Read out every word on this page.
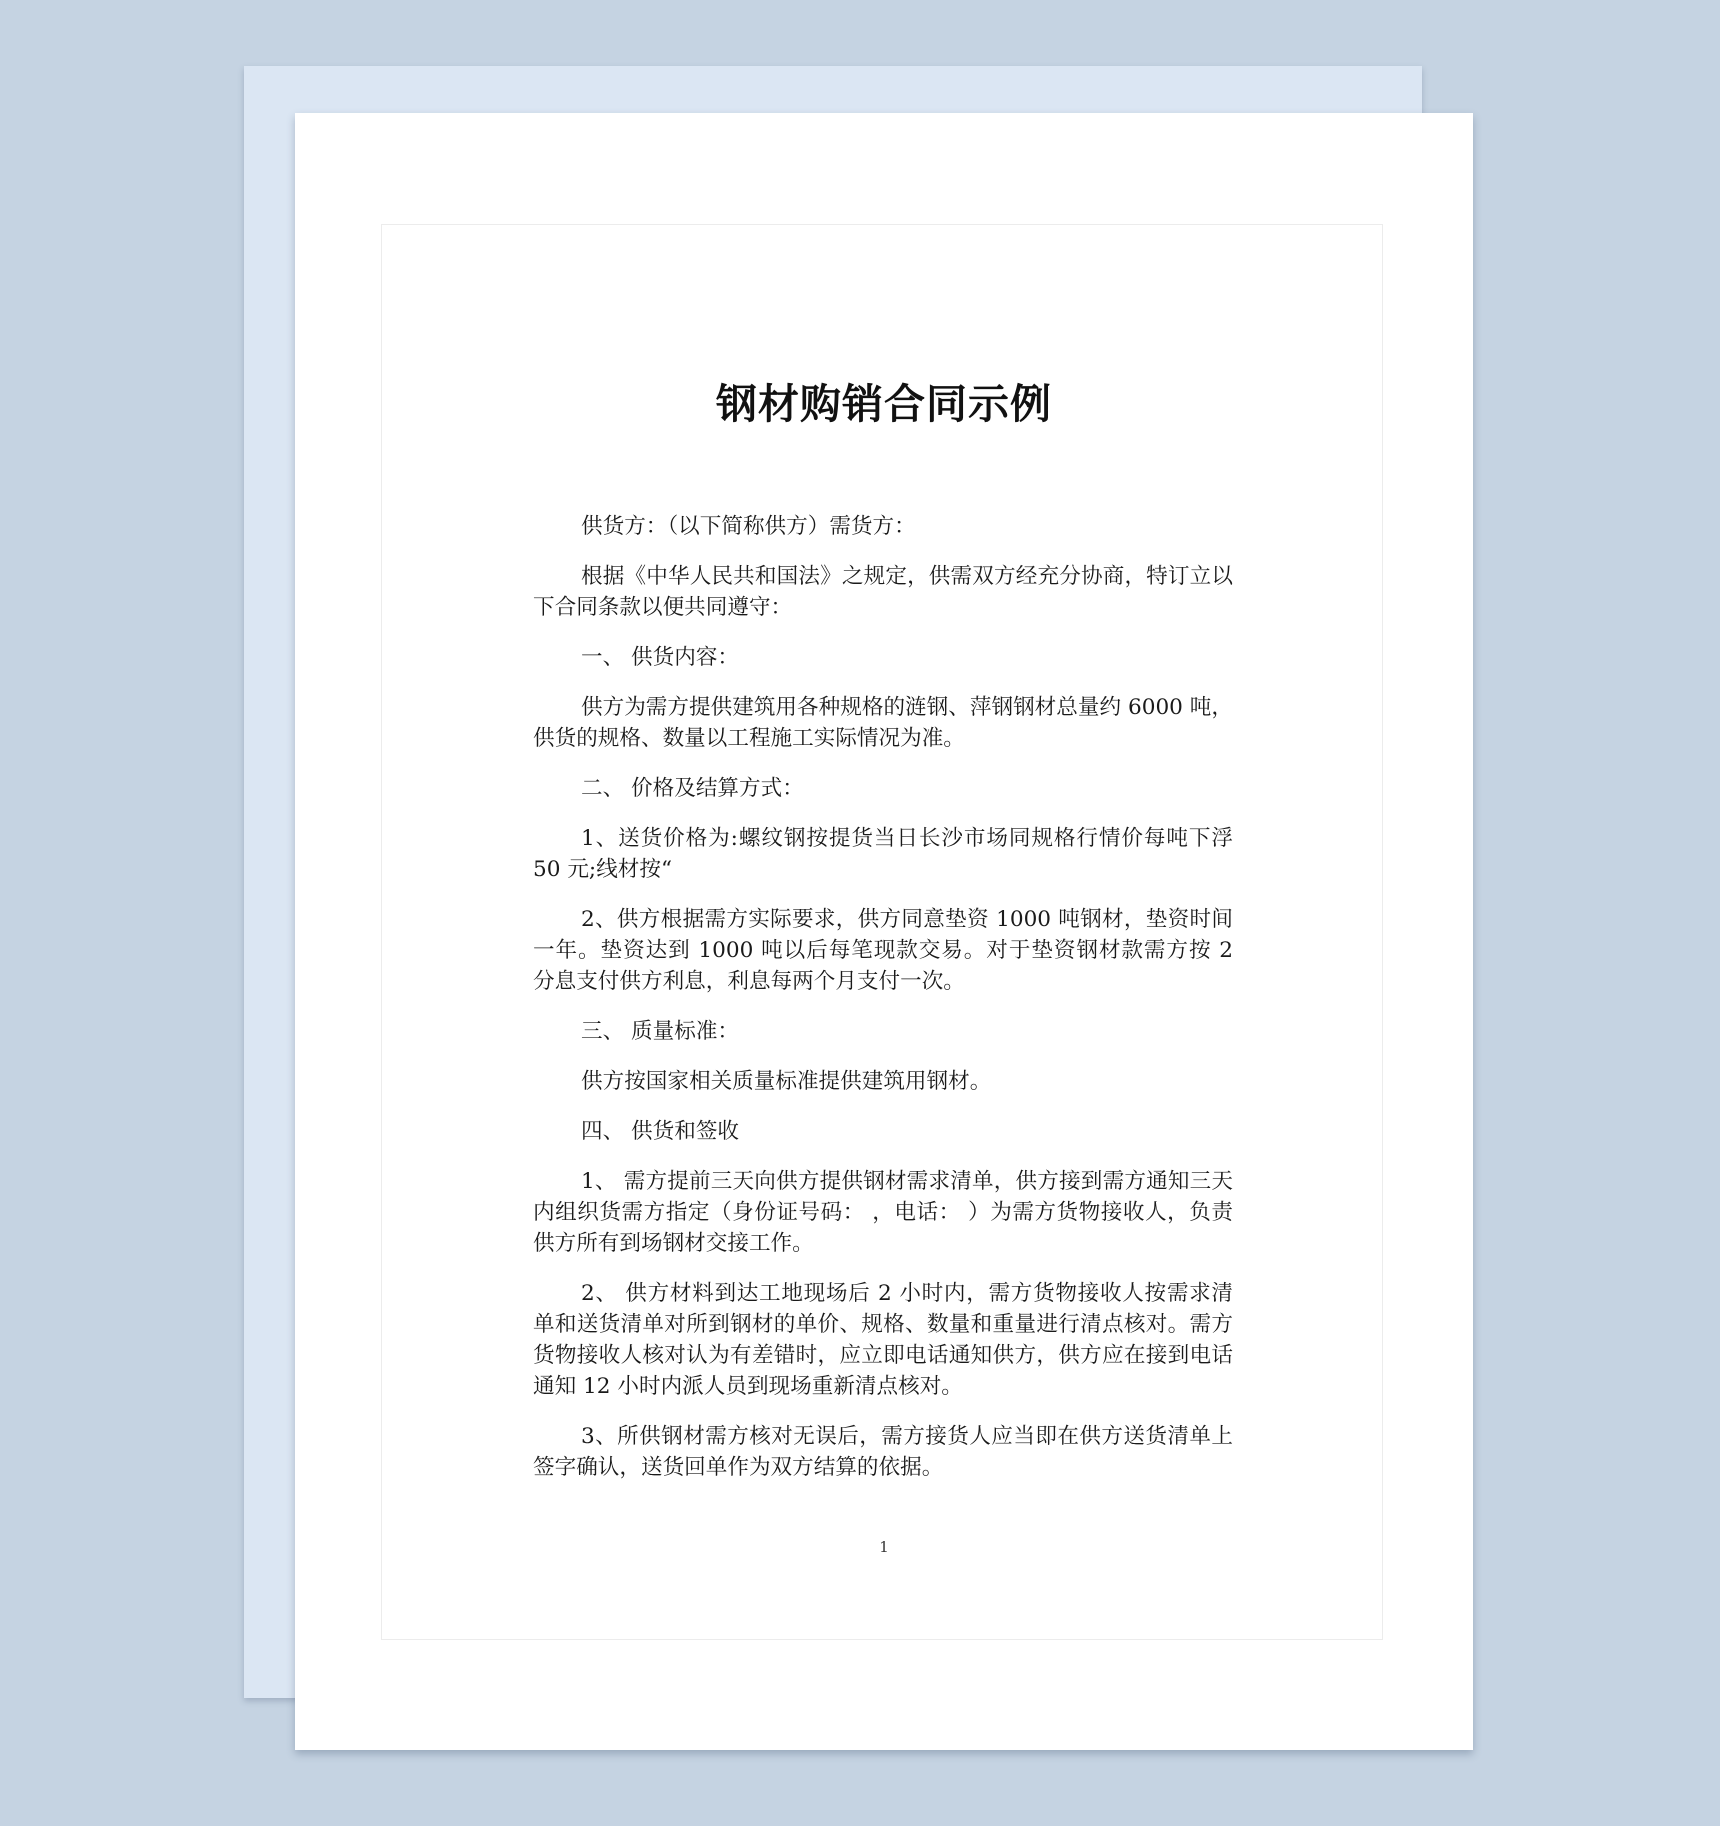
钢材购销合同示例

供货方：（以下简称供方）需货方：

根据《中华人民共和国法》之规定，供需双方经充分协商，特订立以下合同条款以便共同遵守：

一、 供货内容：

供方为需方提供建筑用各种规格的涟钢、萍钢钢材总量约 6000 吨，供货的规格、数量以工程施工实际情况为准。

二、 价格及结算方式：

1、送货价格为:螺纹钢按提货当日长沙市场同规格行情价每吨下浮 50 元;线材按“

2、供方根据需方实际要求，供方同意垫资 1000 吨钢材，垫资时间一年。垫资达到 1000 吨以后每笔现款交易。对于垫资钢材款需方按 2 分息支付供方利息，利息每两个月支付一次。

三、 质量标准：

供方按国家相关质量标准提供建筑用钢材。

四、 供货和签收

1、 需方提前三天向供方提供钢材需求清单，供方接到需方通知三天内组织货需方指定（身份证号码： ，电话： ）为需方货物接收人，负责供方所有到场钢材交接工作。

2、 供方材料到达工地现场后 2 小时内，需方货物接收人按需求清单和送货清单对所到钢材的单价、规格、数量和重量进行清点核对。需方货物接收人核对认为有差错时，应立即电话通知供方，供方应在接到电话通知 12 小时内派人员到现场重新清点核对。

3、所供钢材需方核对无误后，需方接货人应当即在供方送货清单上签字确认，送货回单作为双方结算的依据。

1
